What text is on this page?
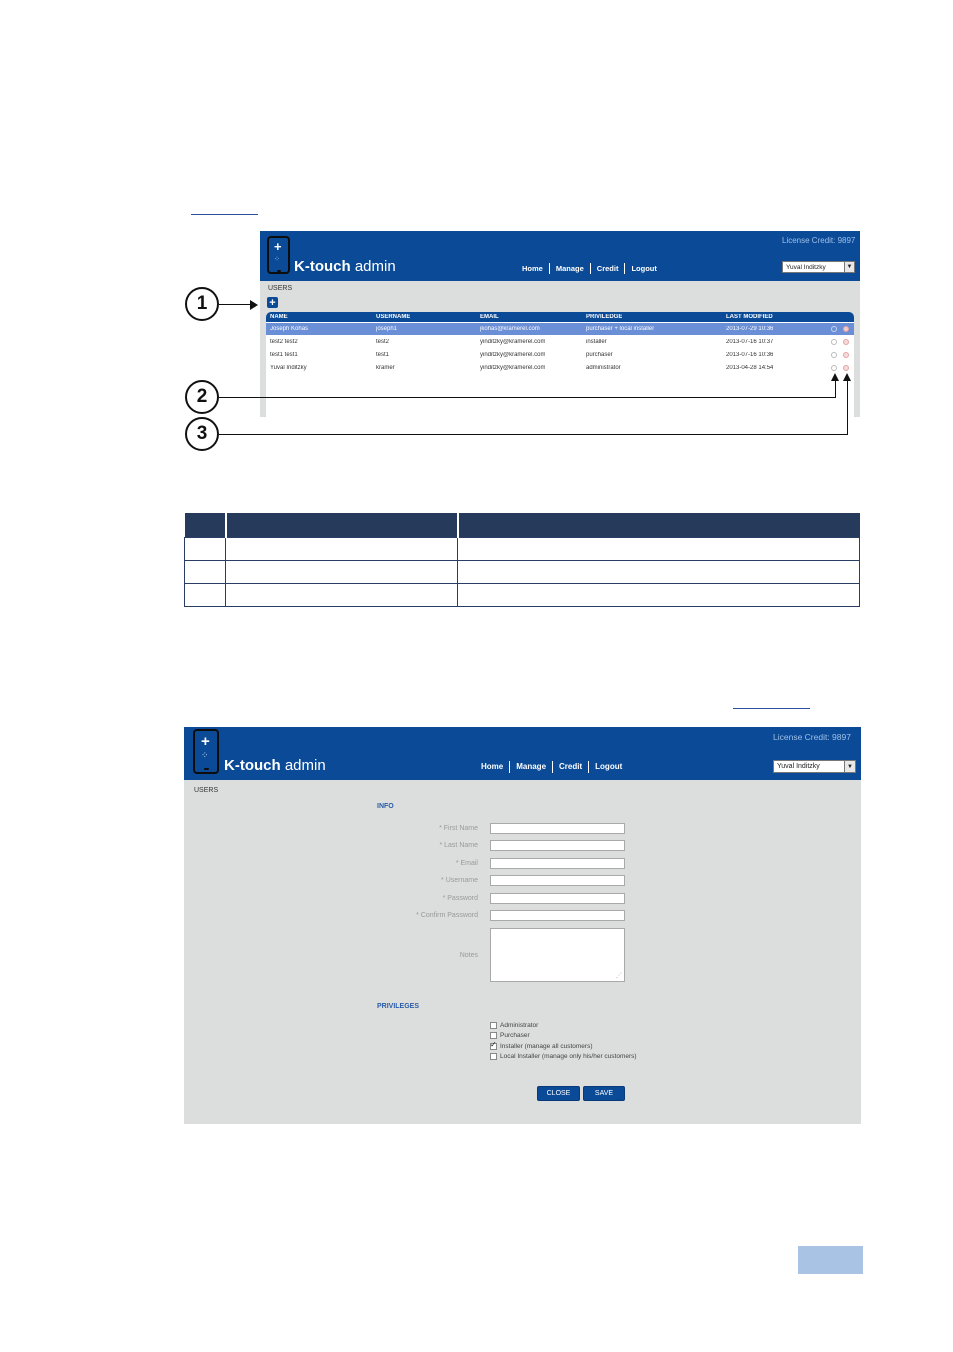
+
⁘ K-touch admin
License Credit: 9897
Home Manage Credit Logout	Yuval Inditzky	▼
USERS
+
NAME	USERNAME	EMAIL	PRIVILEDGE	LAST MODIFIED
Joseph Kohas	joseph1	jkohas@kramerel.com	purchaser + local installer	2013-07-29 10:36
test2 test2	test2	yinditzky@kramerel.com	installer	2013-07-16 10:37
test1 test1	test1	yinditzky@kramerel.com	purchaser	2013-07-16 10:36
Yuval Inditzky	kramer	yinditzky@kramerel.com	administrator	2013-04-28 14:54
1
2
3

+
⁘
K-touch admin
License Credit: 9897
Home Manage Credit Logout	Yuval Inditzky	▼
USERS
INFO
* First Name
* Last Name
* Email
* Username
* Password
* Confirm Password
Notes
⋰
PRIVILEGES
Administrator
Purchaser
✓
Installer (manage all customers)
Local Installer (manage only his/her customers)
CLOSE	SAVE
